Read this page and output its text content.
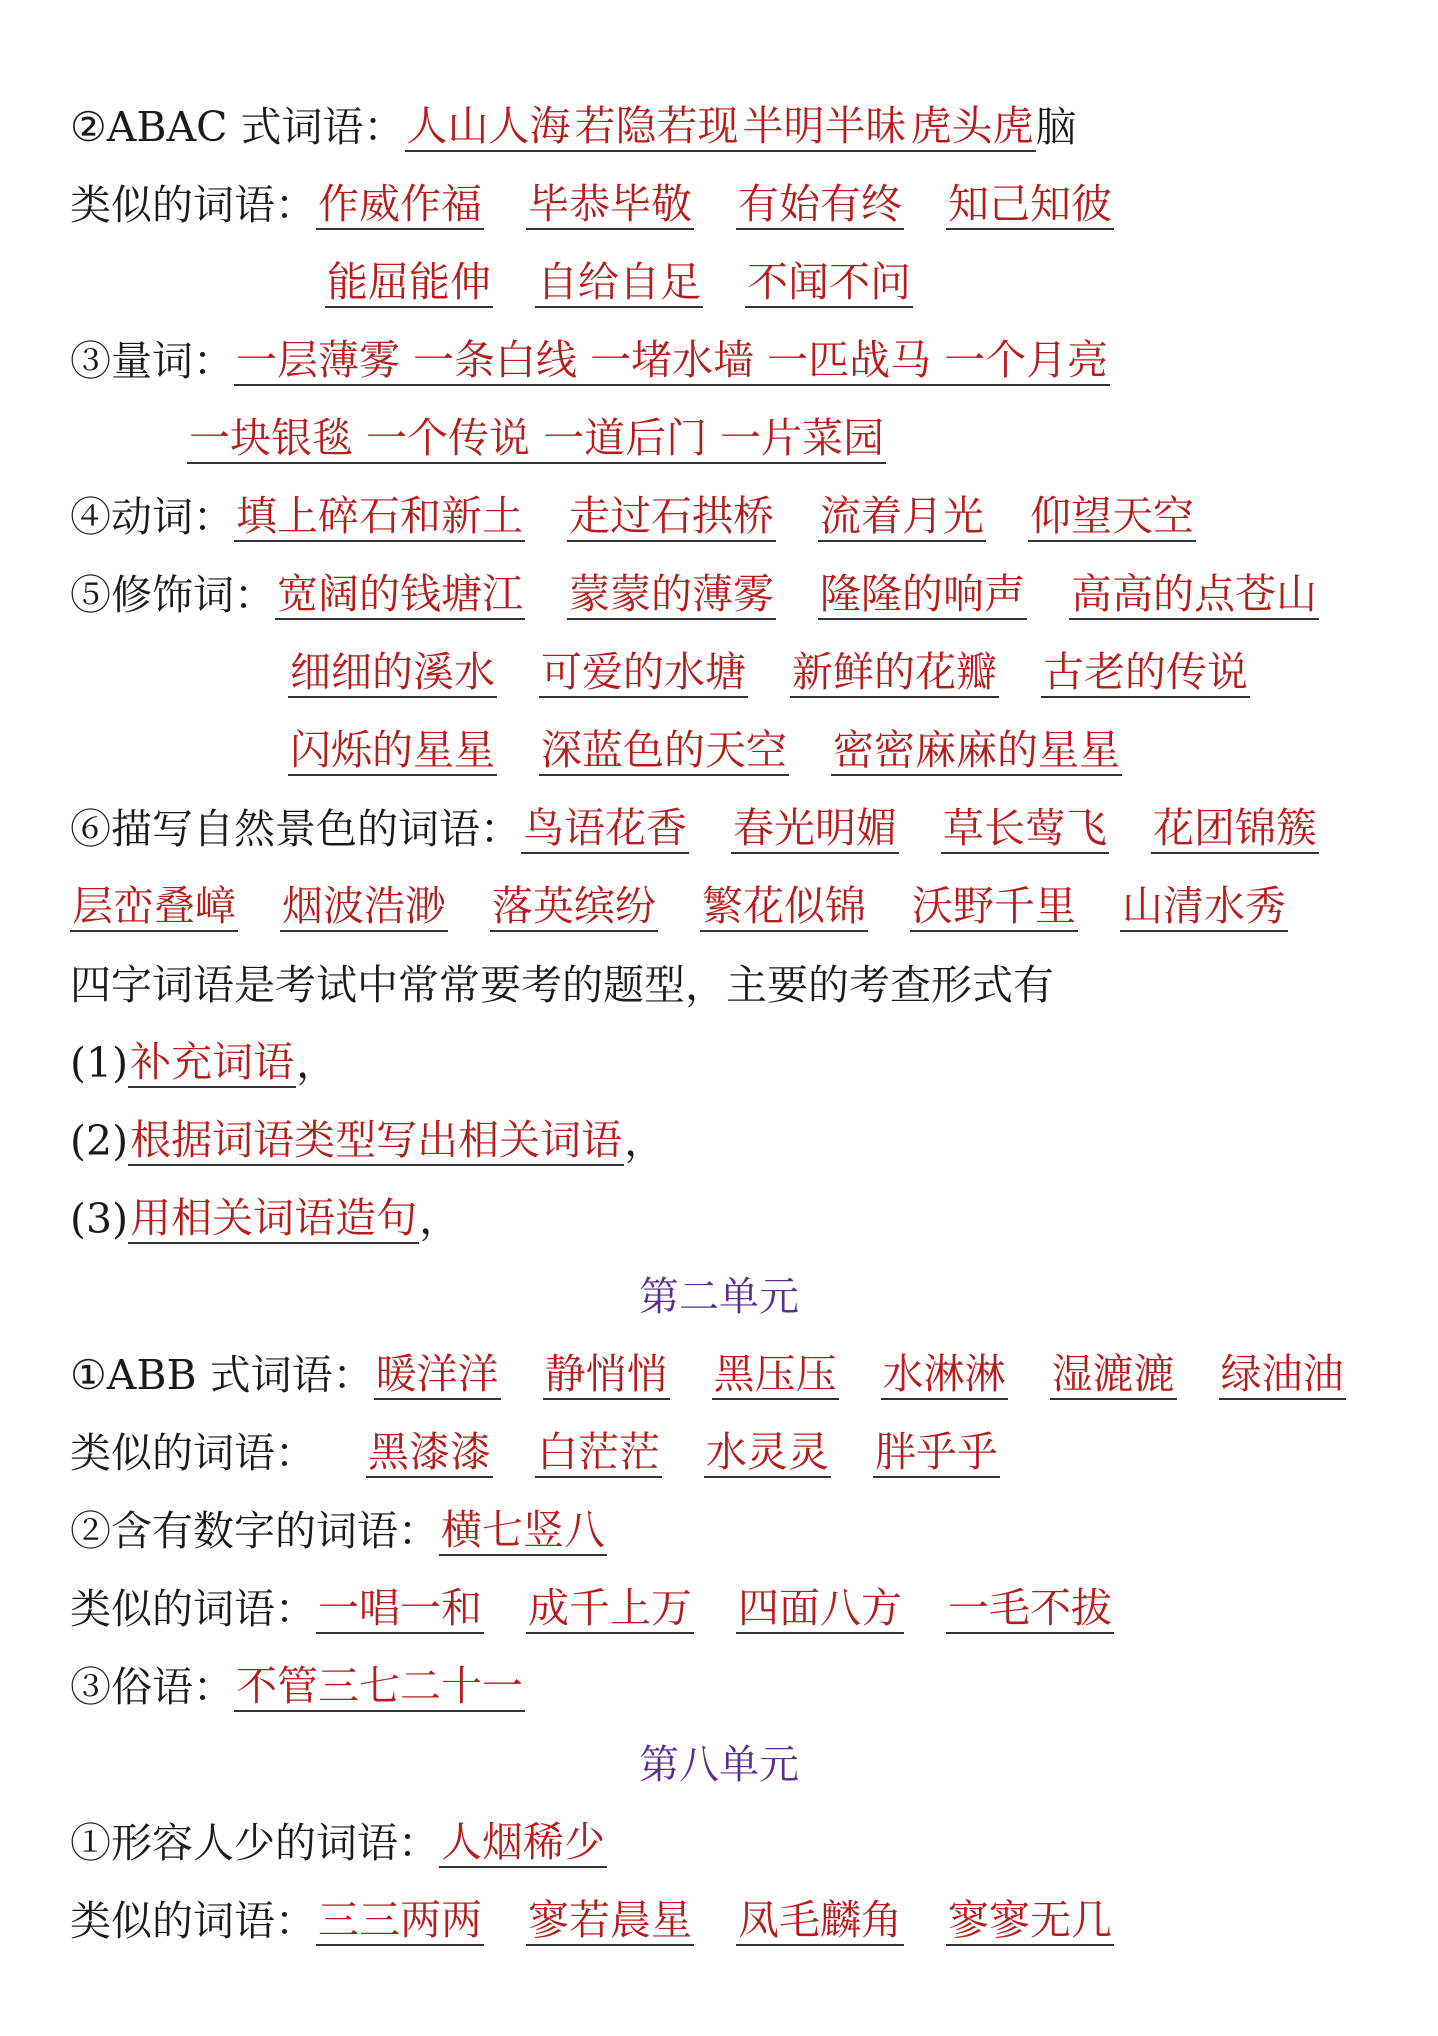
②ABAC 式词语： 人山人海 若隐若现 半明半昧 虎头虎 脑
类似的词语： 作威作福 毕恭毕敬 有始有终 知己知彼
能屈能伸 自给自足 不闻不问
③量词： 一层薄雾 一条白线 一堵水墙 一匹战马 一个月亮
一块银毯 一个传说 一道后门 一片菜园
④动词： 填上碎石和新土 走过石拱桥 流着月光 仰望天空
⑤修饰词： 宽阔的钱塘江 蒙蒙的薄雾 隆隆的响声 高高的点苍山
细细的溪水 可爱的水塘 新鲜的花瓣 古老的传说
闪烁的星星 深蓝色的天空 密密麻麻的星星
⑥描写自然景色的词语： 鸟语花香 春光明媚 草长莺飞 花团锦簇
层峦叠嶂 烟波浩渺 落英缤纷 繁花似锦 沃野千里 山清水秀
四字词语是考试中常常要考的题型，主要的考查形式有
(1) 补充词语 ，
(2) 根据词语类型写出相关词语 ，
(3) 用相关词语造句 ，
第二单元
①ABB 式词语： 暖洋洋 静悄悄 黑压压 水淋淋 湿漉漉 绿油油
类似的词语： 黑漆漆 白茫茫 水灵灵 胖乎乎
②含有数字的词语： 横七竖八
类似的词语： 一唱一和 成千上万 四面八方 一毛不拔
③俗语： 不管三七二十一
第八单元
①形容人少的词语： 人烟稀少
类似的词语： 三三两两 寥若晨星 凤毛麟角 寥寥无几
